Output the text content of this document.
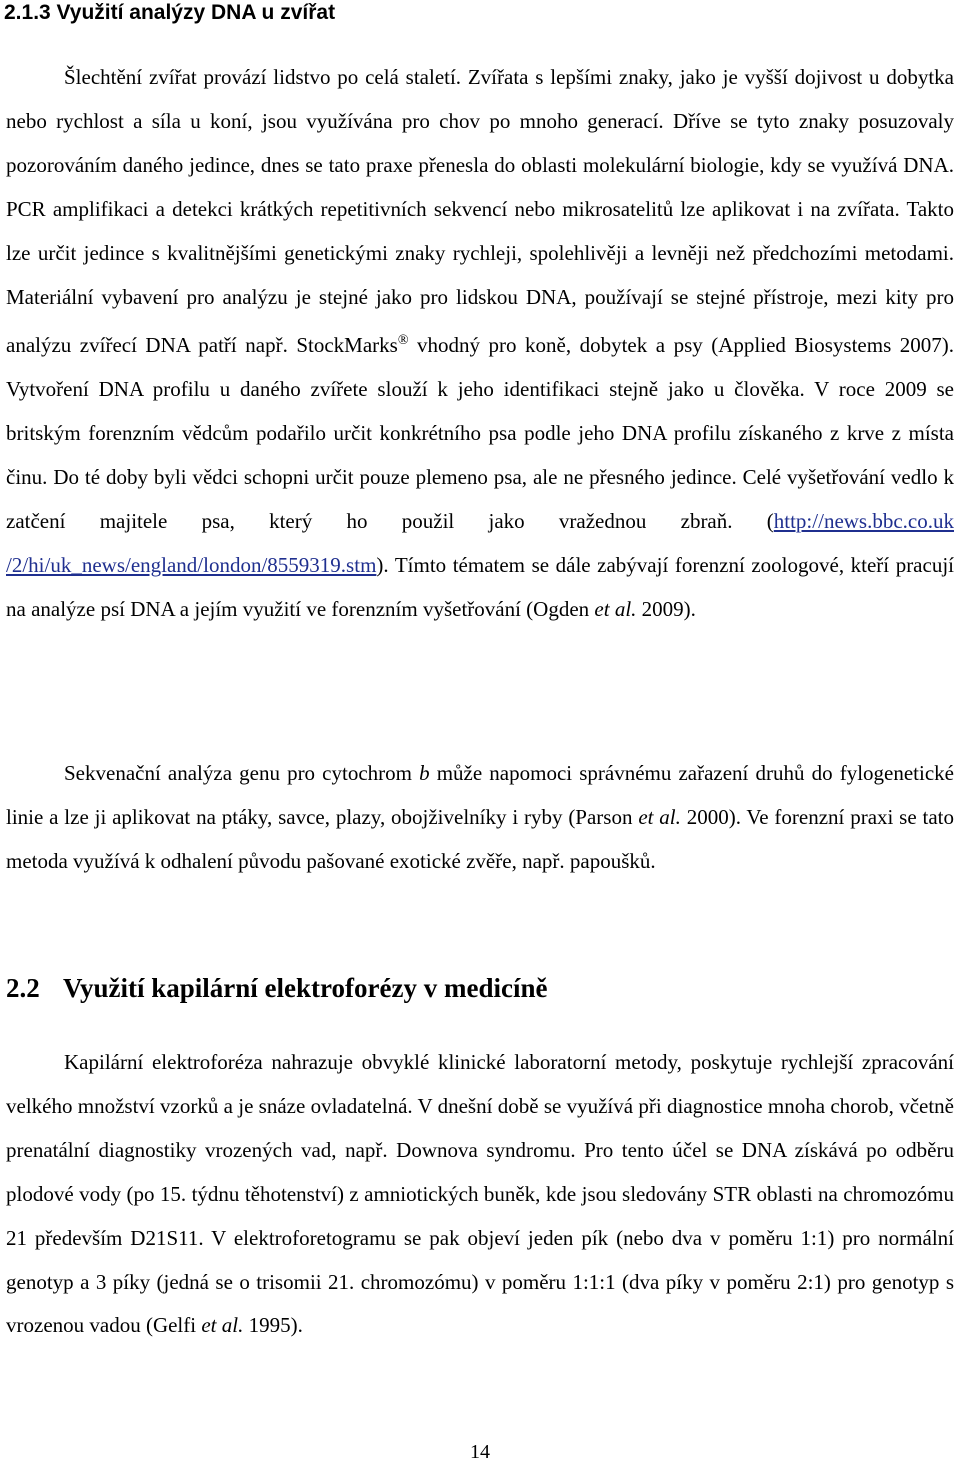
2.1.3 Využití analýzy DNA u zvířat

Šlechtění zvířat provází lidstvo po celá staletí. Zvířata s lepšími znaky, jako je vyšší dojivost u dobytka nebo rychlost a síla u koní, jsou využívána pro chov po mnoho generací. Dříve se tyto znaky posuzovaly pozorováním daného jedince, dnes se tato praxe přenesla do oblasti molekulární biologie, kdy se využívá DNA. PCR amplifikaci a detekci krátkých repetitivních sekvencí nebo mikrosatelitů lze aplikovat i na zvířata. Takto lze určit jedince s kvalitnějšími genetickými znaky rychleji, spolehlivěji a levněji než předchozími metodami. Materiální vybavení pro analýzu je stejné jako pro lidskou DNA, používají se stejné přístroje, mezi kity pro analýzu zvířecí DNA patří např. StockMarks® vhodný pro koně, dobytek a psy (Applied Biosystems 2007). Vytvoření DNA profilu u daného zvířete slouží k jeho identifikaci stejně jako u člověka. V roce 2009 se britským forenzním vědcům podařilo určit konkrétního psa podle jeho DNA profilu získaného z krve z místa činu. Do té doby byli vědci schopni určit pouze plemeno psa, ale ne přesného jedince. Celé vyšetřování vedlo k zatčení majitele psa, který ho použil jako vražednou zbraň. (http://news.bbc.co.uk /2/hi/uk_news/england/london/8559319.stm). Tímto tématem se dále zabývají forenzní zoologové, kteří pracují na analýze psí DNA a jejím využití ve forenzním vyšetřování (Ogden et al. 2009).

Sekvenační analýza genu pro cytochrom b může napomoci správnému zařazení druhů do fylogenetické linie a lze ji aplikovat na ptáky, savce, plazy, obojživelníky i ryby (Parson et al. 2000). Ve forenzní praxi se tato metoda využívá k odhalení původu pašované exotické zvěře, např. papoušků.

2.2 Využití kapilární elektroforézy v medicíně

Kapilární elektroforéza nahrazuje obvyklé klinické laboratorní metody, poskytuje rychlejší zpracování velkého množství vzorků a je snáze ovladatelná. V dnešní době se využívá při diagnostice mnoha chorob, včetně prenatální diagnostiky vrozených vad, např. Downova syndromu. Pro tento účel se DNA získává po odběru plodové vody (po 15. týdnu těhotenství) z amniotických buněk, kde jsou sledovány STR oblasti na chromozómu 21 především D21S11. V elektroforetogramu se pak objeví jeden pík (nebo dva v poměru 1:1) pro normální genotyp a 3 píky (jedná se o trisomii 21. chromozómu) v poměru 1:1:1 (dva píky v poměru 2:1) pro genotyp s vrozenou vadou (Gelfi et al. 1995).

14
